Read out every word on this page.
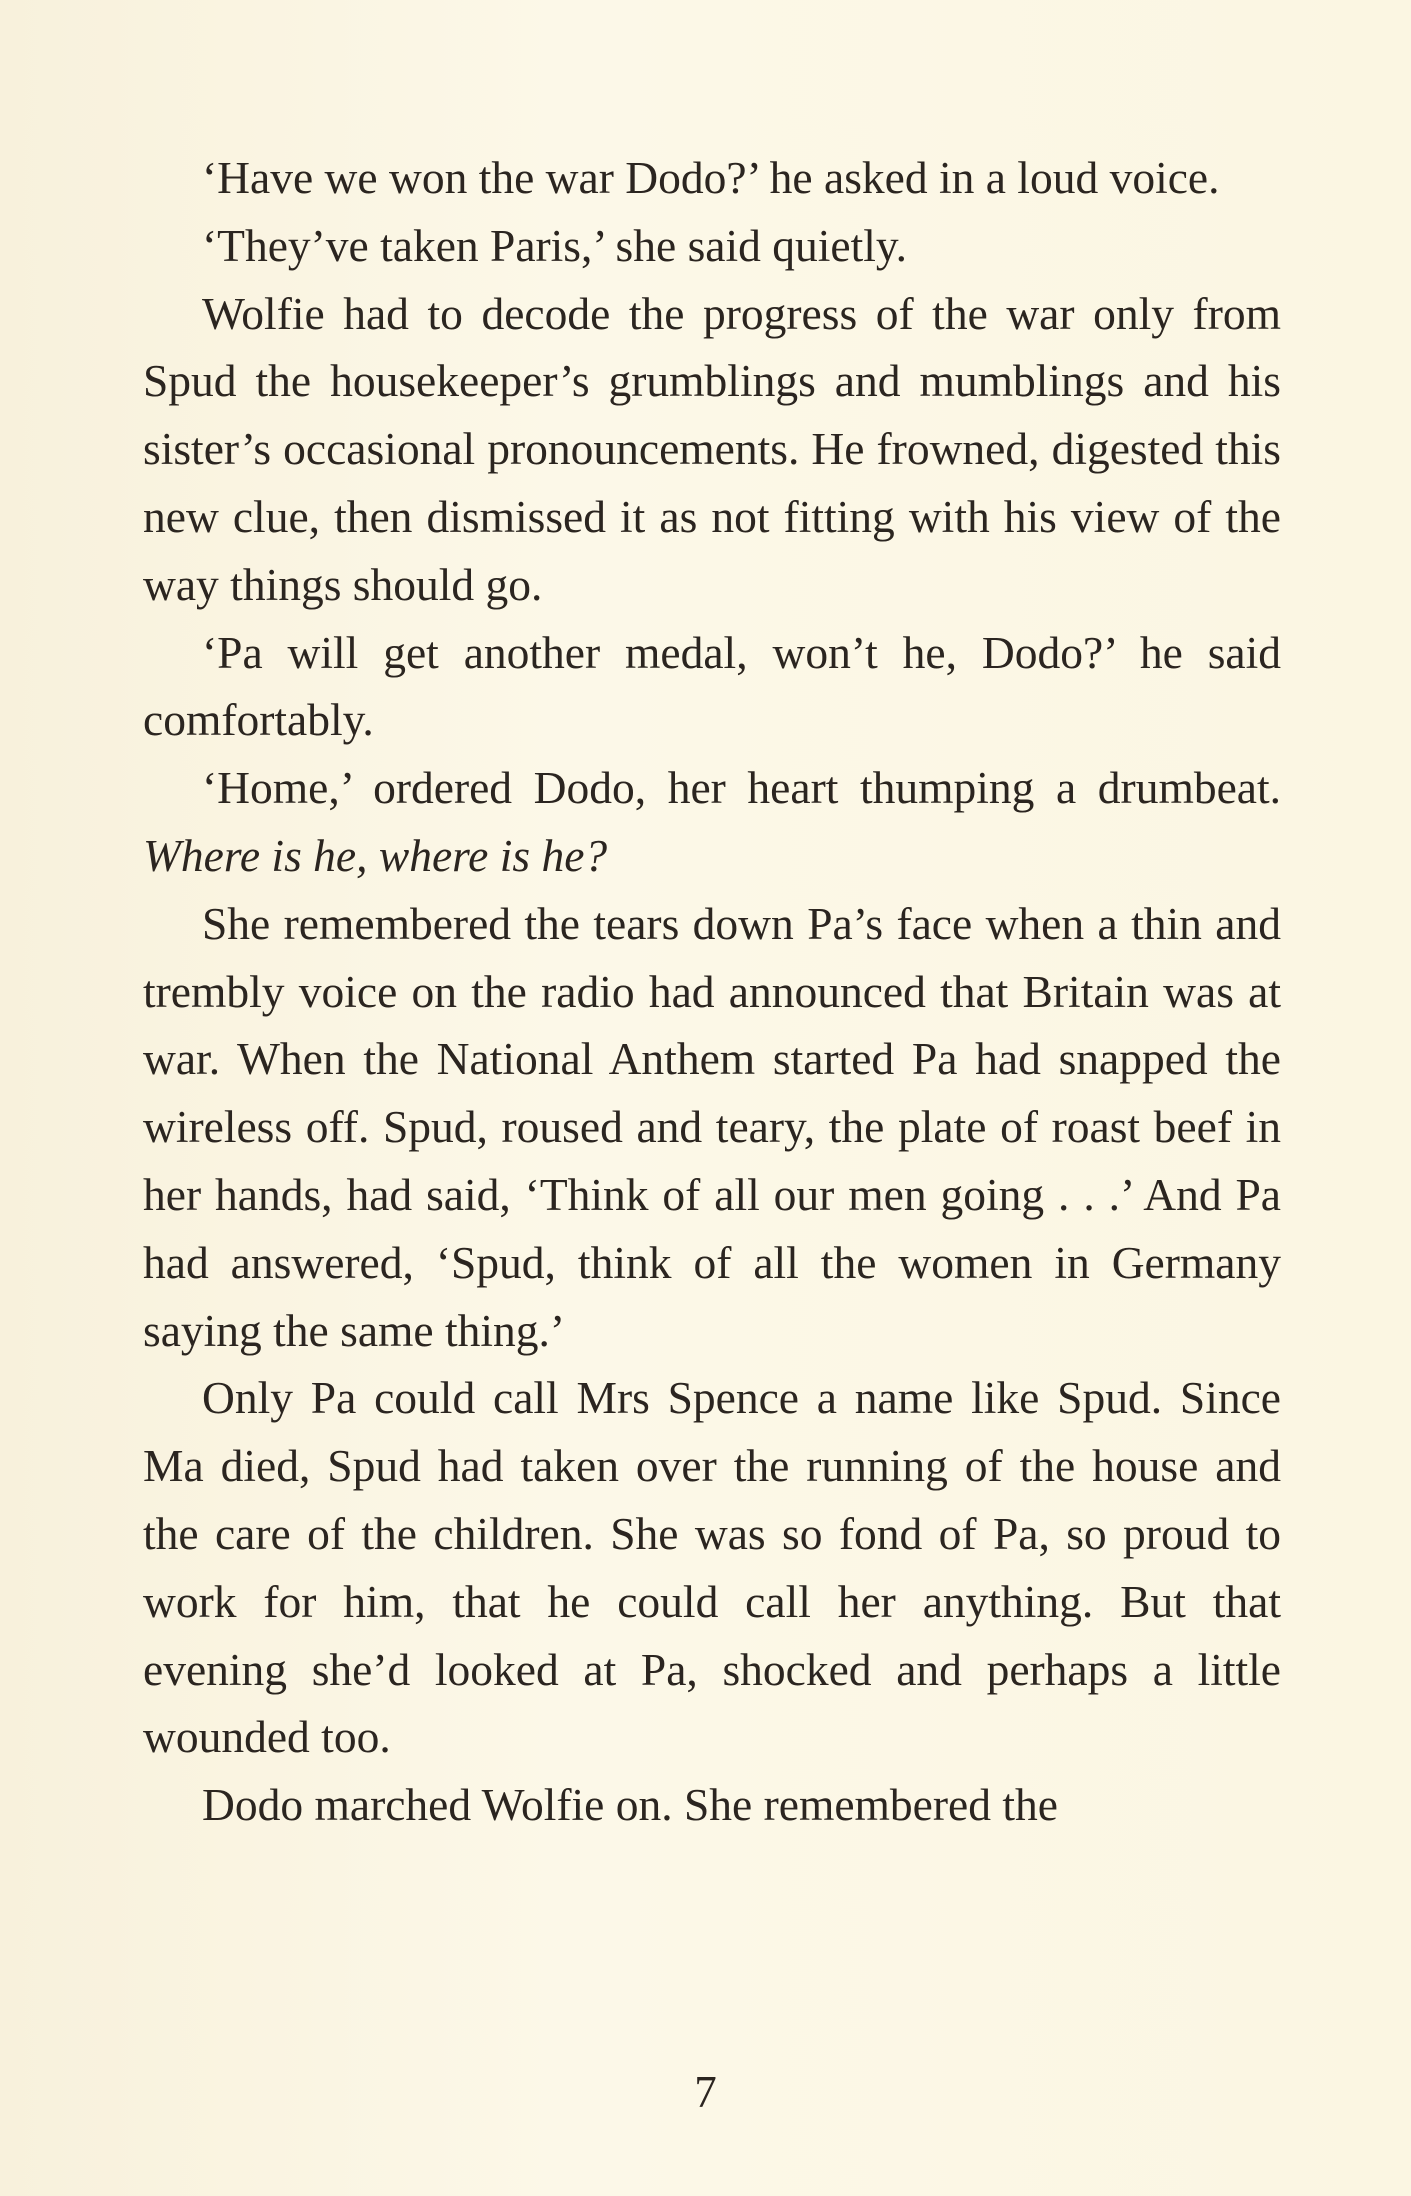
‘Have we won the war Dodo?’ he asked in a loud voice.

‘They’ve taken Paris,’ she said quietly.

Wolfie had to decode the progress of the war only from Spud the housekeeper’s grumblings and mumblings and his sister’s occasional pronouncements. He frowned, digested this new clue, then dismissed it as not fitting with his view of the way things should go.

‘Pa will get another medal, won’t he, Dodo?’ he said comfortably.

‘Home,’ ordered Dodo, her heart thumping a drumbeat. Where is he, where is he?

She remembered the tears down Pa’s face when a thin and trembly voice on the radio had announced that Britain was at war. When the National Anthem started Pa had snapped the wireless off. Spud, roused and teary, the plate of roast beef in her hands, had said, ‘Think of all our men going . . .’ And Pa had answered, ‘Spud, think of all the women in Germany saying the same thing.’

Only Pa could call Mrs Spence a name like Spud. Since Ma died, Spud had taken over the running of the house and the care of the children. She was so fond of Pa, so proud to work for him, that he could call her anything. But that evening she’d looked at Pa, shocked and perhaps a little wounded too.

Dodo marched Wolfie on. She remembered the

7
